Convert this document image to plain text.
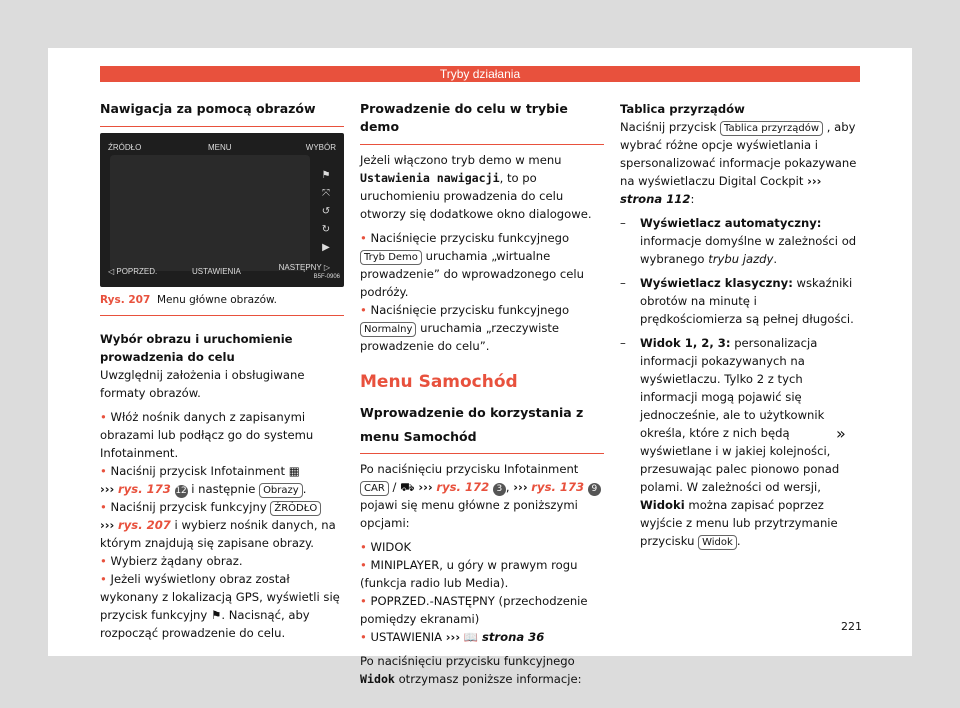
Tryby działania
Nawigacja za pomocą obrazów
ŹRÓDŁO	MENU	WYBÓR
⚑
⤧
↺
↻
▶
◁ POPRZED.	USTAWIENIA	NASTĘPNY ▷
B5F-0906
Rys. 207 Menu główne obrazów.

Wybór obrazu i uruchomienie prowadzenia do celu

Uwzględnij założenia i obsługiwane formaty obrazów.

• Włóż nośnik danych z zapisanymi obrazami lub podłącz go do systemu Infotainment.

• Naciśnij przycisk Infotainment ▦
››› rys. 173 12 i następnie Obrazy .

• Naciśnij przycisk funkcyjny ŹRÓDŁO
››› rys. 207 i wybierz nośnik danych, na którym znajdują się zapisane obrazy.

• Wybierz żądany obraz.

• Jeżeli wyświetlony obraz został wykonany z lokalizacją GPS, wyświetli się przycisk funkcyjny ⚑. Nacisnąć, aby rozpocząć prowadzenie do celu.

Prowadzenie do celu w trybie demo

Jeżeli włączono tryb demo w menu Ustawienia nawigacji, to po uruchomieniu prowadzenia do celu otworzy się dodatkowe okno dialogowe.

• Naciśnięcie przycisku funkcyjnego Tryb Demo uruchamia „wirtualne prowadzenie” do wprowadzonego celu podróży.

• Naciśnięcie przycisku funkcyjnego Normalny uruchamia „rzeczywiste prowadzenie do celu”.

Menu Samochód
Wprowadzenie do korzystania z menu Samochód

Po naciśnięciu przycisku Infotainment CAR / ⛟ ››› rys. 172 3 , ››› rys. 173 9 pojawi się menu główne z poniższymi opcjami:

• WIDOK

• MINIPLAYER, u góry w prawym rogu (funkcja radio lub Media).

• POPRZED.-NASTĘPNY (przechodzenie pomiędzy ekranami)

• USTAWIENIA ››› 📖 strona 36

Po naciśnięciu przycisku funkcyjnego Widok otrzymasz poniższe informacje:

Tablica przyrządów

Naciśnij przycisk Tablica przyrządów , aby wybrać różne opcje wyświetlania i spersonalizować informacje pokazywane na wyświetlaczu Digital Cockpit ››› strona 112:

– Wyświetlacz automatyczny: informacje domyślne w zależności od wybranego trybu jazdy.

– Wyświetlacz klasyczny: wskaźniki obrotów na minutę i prędkościomierza są pełnej długości.

– Widok 1, 2, 3: personalizacja informacji pokazywanych na wyświetlaczu. Tylko 2 z tych informacji mogą pojawić się jednocześnie, ale to użytkownik określa, które z nich będą wyświetlane i w jakiej kolejności, przesuwając palec pionowo ponad polami. W zależności od wersji, Widoki można zapisać poprzez wyjście z menu lub przytrzymanie przycisku Widok .

»
221
